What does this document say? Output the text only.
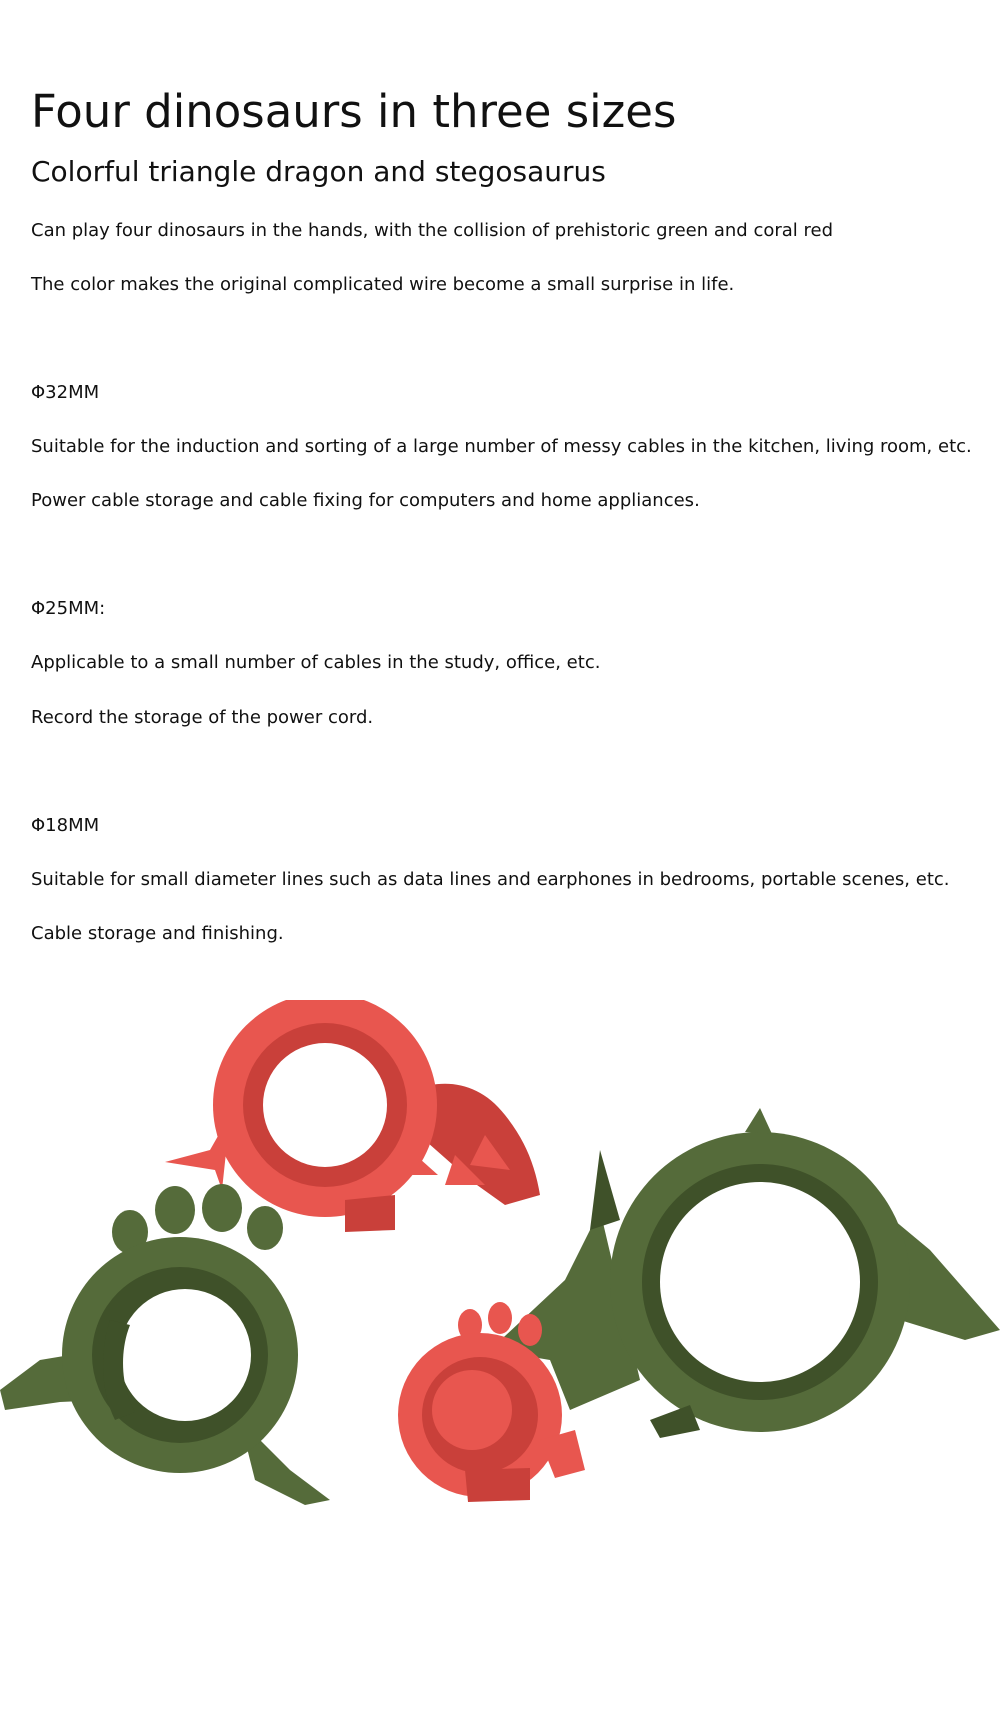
Four dinosaurs in three sizes
Colorful triangle dragon and stegosaurus

Can play four dinosaurs in the hands, with the collision of prehistoric green and coral red

The color makes the original complicated wire become a small surprise in life.

Φ32MM

Suitable for the induction and sorting of a large number of messy cables in the kitchen, living room, etc.

Power cable storage and cable fixing for computers and home appliances.

Φ25MM:

Applicable to a small number of cables in the study, office, etc.

Record the storage of the power cord.

Φ18MM

Suitable for small diameter lines such as data lines and earphones in bedrooms, portable scenes, etc.

Cable storage and finishing.
